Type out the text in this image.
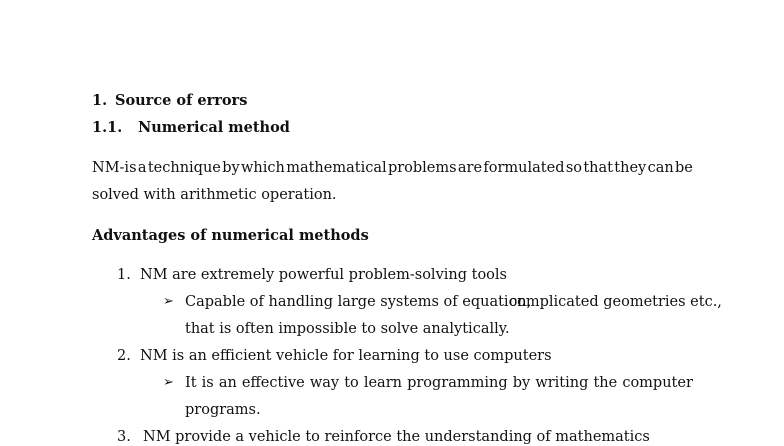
1. Source of errors
1.1. Numerical method
NM-is a technique by which mathematical problems are formulated so that they can be
solved with arithmetic operation.
Advantages of numerical methods
1. NM are extremely powerful problem-solving tools
➢ Capable of handling large systems of equation,
complicated geometries etc.,
that is often impossible to solve analytically.
2. NM is an efficient vehicle for learning to use computers
➢ It is an effective way to learn programming by writing the computer
programs.
3. NM provide a vehicle to reinforce the understanding of mathematics
